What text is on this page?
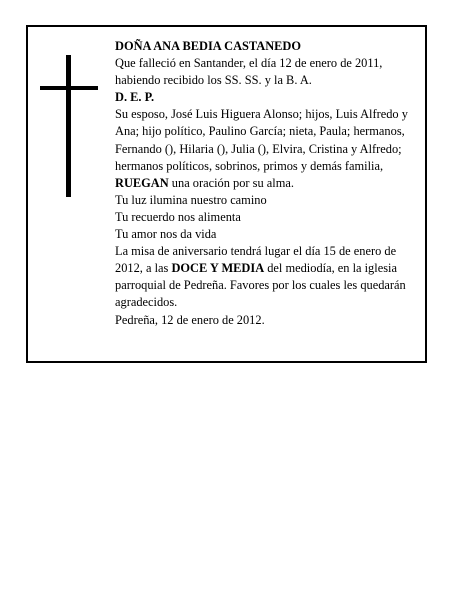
DOÑA ANA BEDIA CASTANEDO

Que falleció en Santander, el día 12 de enero de 2011, habiendo recibido los SS. SS. y la B. A.

D. E. P.

Su esposo, José Luis Higuera Alonso; hijos, Luis Alfredo y Ana; hijo político, Paulino García; nieta, Paula; hermanos, Fernando (), Hilaria (), Julia (), Elvira, Cristina y Alfredo; hermanos políticos, sobrinos, primos y demás familia,

RUEGAN una oración por su alma.

Tu luz ilumina nuestro camino

Tu recuerdo nos alimenta

Tu amor nos da vida

La misa de aniversario tendrá lugar el día 15 de enero de 2012, a las DOCE Y MEDIA del mediodía, en la iglesia parroquial de Pedreña. Favores por los cuales les quedarán agradecidos.

Pedreña, 12 de enero de 2012.
